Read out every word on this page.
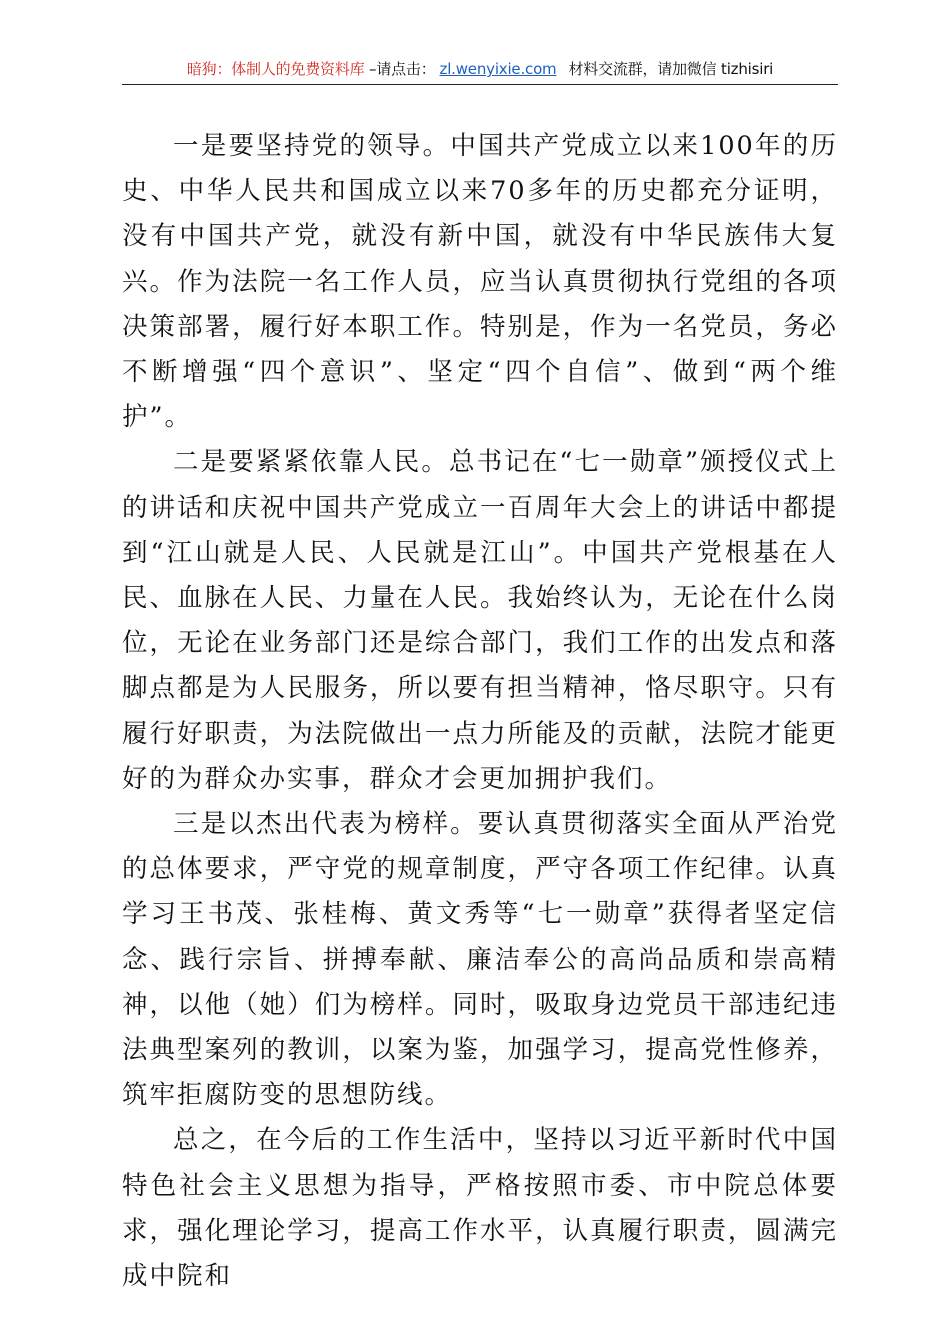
暗狗：体制人的免费资料库 –请点击： zl.wenyixie.com 材料交流群，请加微信 tizhisiri

一是要坚持党的领导。中国共产党成立以来100年的历史、中华人民共和国成立以来70多年的历史都充分证明，没有中国共产党，就没有新中国，就没有中华民族伟大复兴。作为法院一名工作人员，应当认真贯彻执行党组的各项决策部署，履行好本职工作。特别是，作为一名党员，务必不断增强“四个意识”、坚定“四个自信”、做到“两个维护”。

二是要紧紧依靠人民。总书记在“七一勋章”颁授仪式上的讲话和庆祝中国共产党成立一百周年大会上的讲话中都提到“江山就是人民、人民就是江山”。中国共产党根基在人民、血脉在人民、力量在人民。我始终认为，无论在什么岗位，无论在业务部门还是综合部门，我们工作的出发点和落脚点都是为人民服务，所以要有担当精神，恪尽职守。只有履行好职责，为法院做出一点力所能及的贡献，法院才能更好的为群众办实事，群众才会更加拥护我们。

三是以杰出代表为榜样。要认真贯彻落实全面从严治党的总体要求，严守党的规章制度，严守各项工作纪律。认真学习王书茂、张桂梅、黄文秀等“七一勋章”获得者坚定信念、践行宗旨、拼搏奉献、廉洁奉公的高尚品质和崇高精神，以他（她）们为榜样。同时，吸取身边党员干部违纪违法典型案列的教训，以案为鉴，加强学习，提高党性修养，筑牢拒腐防变的思想防线。

总之，在今后的工作生活中，坚持以习近平新时代中国特色社会主义思想为指导，严格按照市委、市中院总体要求，强化理论学习，提高工作水平，认真履行职责，圆满完成中院和
